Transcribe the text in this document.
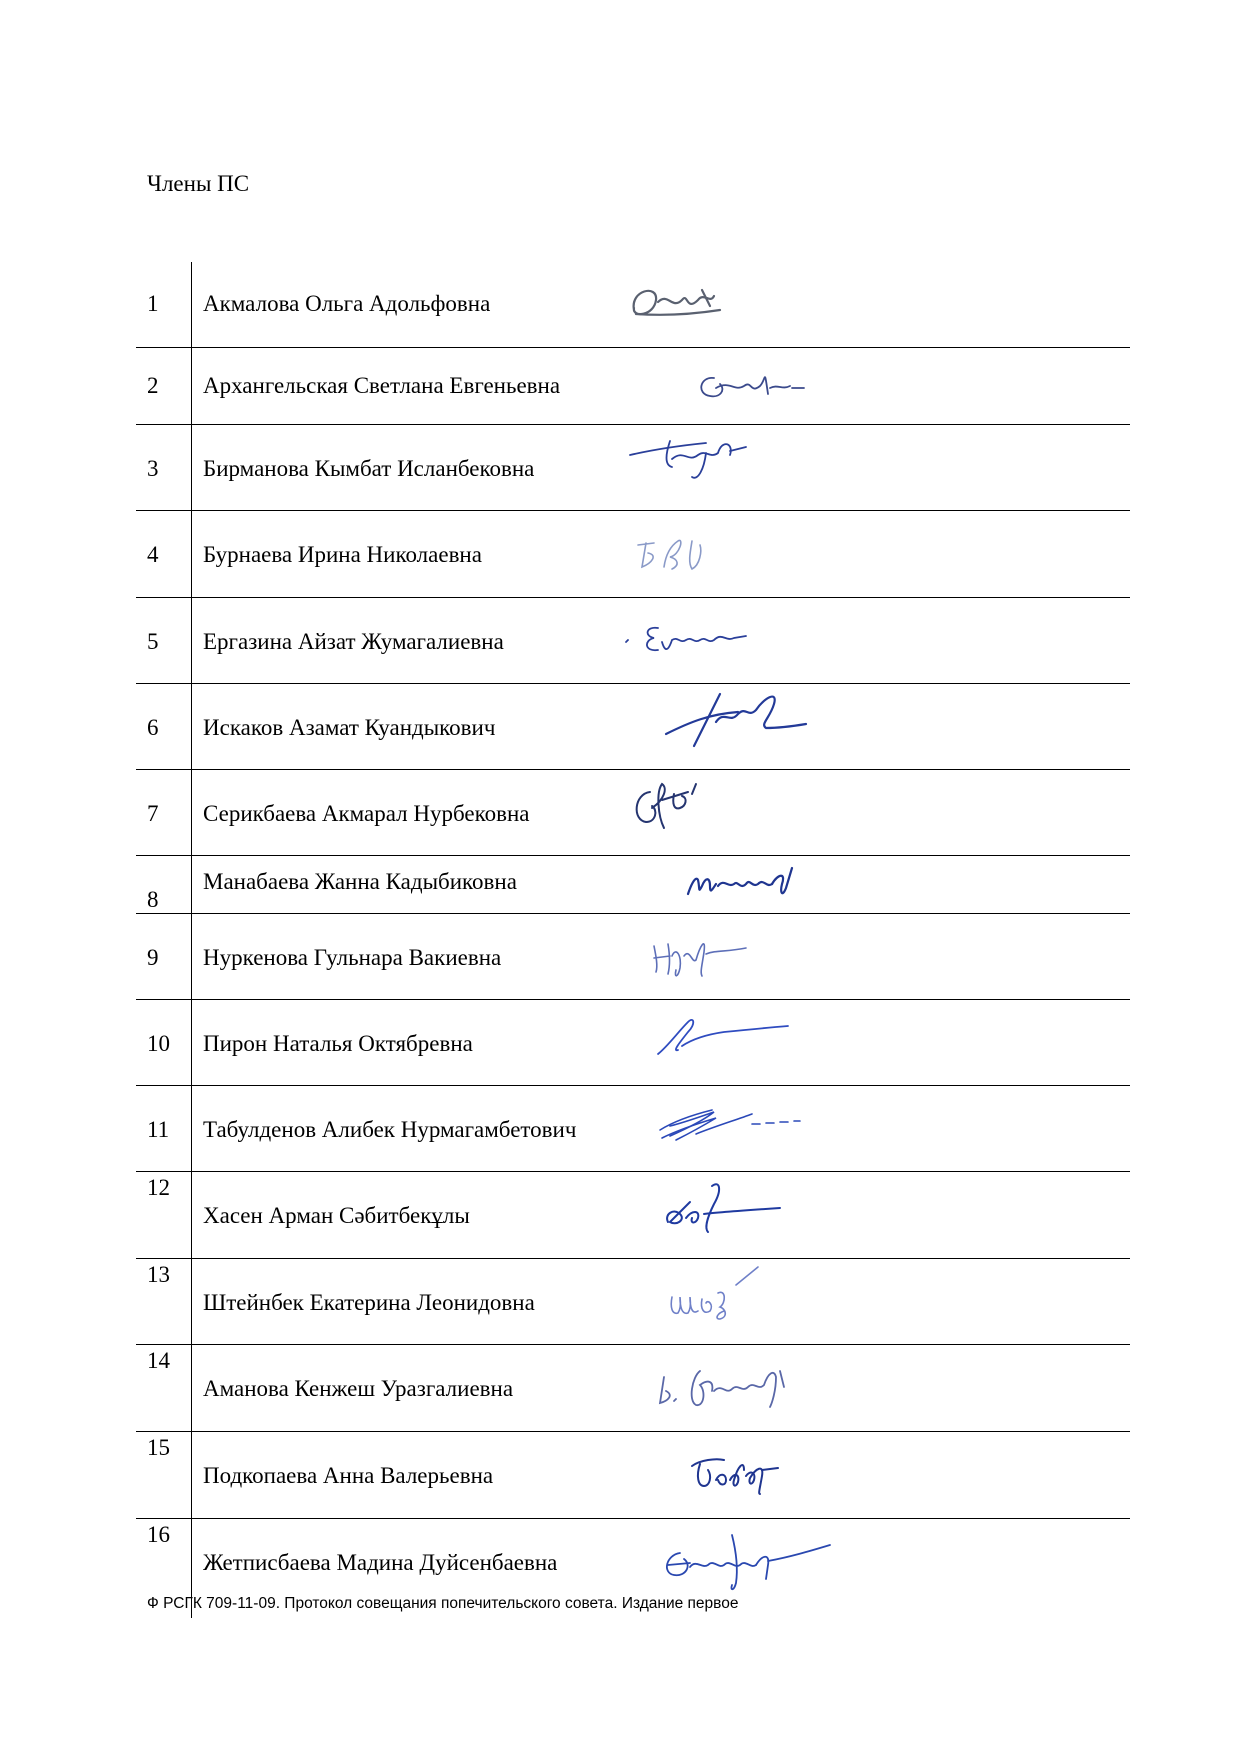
Члены ПС
1 Акмалова Ольга Адольфовна
2 Архангельская Светлана Евгеньевна
3 Бирманова Кымбат Исланбековна
4 Бурнаева Ирина Николаевна
5 Ергазина Айзат Жумагалиевна
6 Искаков Азамат Куандыкович
7 Серикбаева Акмарал Нурбековна
8
Манабаева Жанна Кадыбиковна
9 Нуркенова Гульнара Вакиевна
10 Пирон Наталья Октябревна
11 Табулденов Алибек Нурмагамбетович
12
Хасен Арман Сәбитбекұлы
13
Штейнбек Екатерина Леонидовна
14
Аманова Кенжеш Уразгалиевна
15
Подкопаева Анна Валерьевна
16
Жетписбаева Мадина Дуйсенбаевна
Ф РСГК 709-11-09. Протокол совещания попечительского совета. Издание первое
